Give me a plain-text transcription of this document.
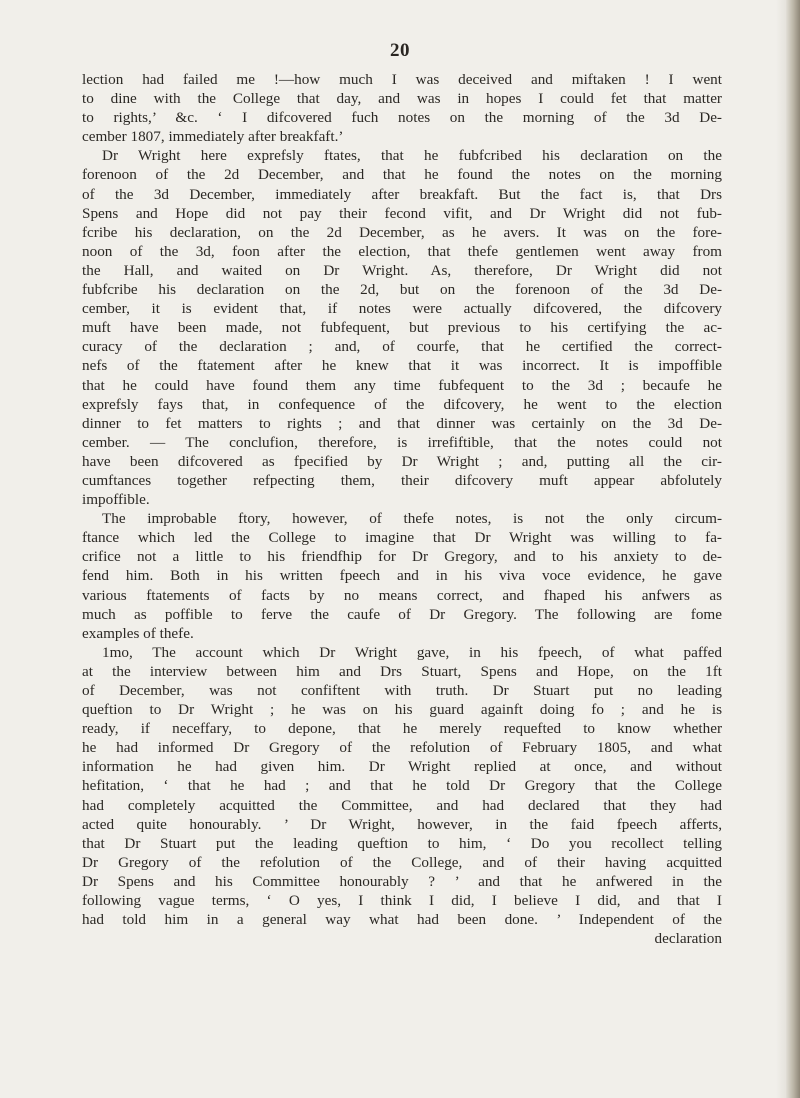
20
lection had failed me !—how much I was deceived and miftaken ! I went
to dine with the College that day, and was in hopes I could fet that matter
to rights,’ &c. ‘ I difcovered fuch notes on the morning of the 3d De-
cember 1807, immediately after breakfaft.’
Dr Wright here exprefsly ftates, that he fubfcribed his declaration on the
forenoon of the 2d December, and that he found the notes on the morning
of the 3d December, immediately after breakfaft. But the fact is, that Drs
Spens and Hope did not pay their fecond vifit, and Dr Wright did not fub-
fcribe his declaration, on the 2d December, as he avers. It was on the fore-
noon of the 3d, foon after the election, that thefe gentlemen went away from
the Hall, and waited on Dr Wright. As, therefore, Dr Wright did not
fubfcribe his declaration on the 2d, but on the forenoon of the 3d De-
cember, it is evident that, if notes were actually difcovered, the difcovery
muft have been made, not fubfequent, but previous to his certifying the ac-
curacy of the declaration ; and, of courfe, that he certified the correct-
nefs of the ftatement after he knew that it was incorrect. It is impoffible
that he could have found them any time fubfequent to the 3d ; becaufe he
exprefsly fays that, in confequence of the difcovery, he went to the election
dinner to fet matters to rights ; and that dinner was certainly on the 3d De-
cember. — The conclufion, therefore, is irrefiftible, that the notes could not
have been difcovered as fpecified by Dr Wright ; and, putting all the cir-
cumftances together refpecting them, their difcovery muft appear abfolutely
impoffible.
The improbable ftory, however, of thefe notes, is not the only circum-
ftance which led the College to imagine that Dr Wright was willing to fa-
crifice not a little to his friendfhip for Dr Gregory, and to his anxiety to de-
fend him. Both in his written fpeech and in his viva voce evidence, he gave
various ftatements of facts by no means correct, and fhaped his anfwers as
much as poffible to ferve the caufe of Dr Gregory. The following are fome
examples of thefe.
1mo, The account which Dr Wright gave, in his fpeech, of what paffed
at the interview between him and Drs Stuart, Spens and Hope, on the 1ft
of December, was not confiftent with truth. Dr Stuart put no leading
queftion to Dr Wright ; he was on his guard againft doing fo ; and he is
ready, if neceffary, to depone, that he merely requefted to know whether
he had informed Dr Gregory of the refolution of February 1805, and what
information he had given him. Dr Wright replied at once, and without
hefitation, ‘ that he had ; and that he told Dr Gregory that the College
had completely acquitted the Committee, and had declared that they had
acted quite honourably. ’ Dr Wright, however, in the faid fpeech afferts,
that Dr Stuart put the leading queftion to him, ‘ Do you recollect telling
Dr Gregory of the refolution of the College, and of their having acquitted
Dr Spens and his Committee honourably ? ’ and that he anfwered in the
following vague terms, ‘ O yes, I think I did, I believe I did, and that I
had told him in a general way what had been done. ’ Independent of the
declaration
